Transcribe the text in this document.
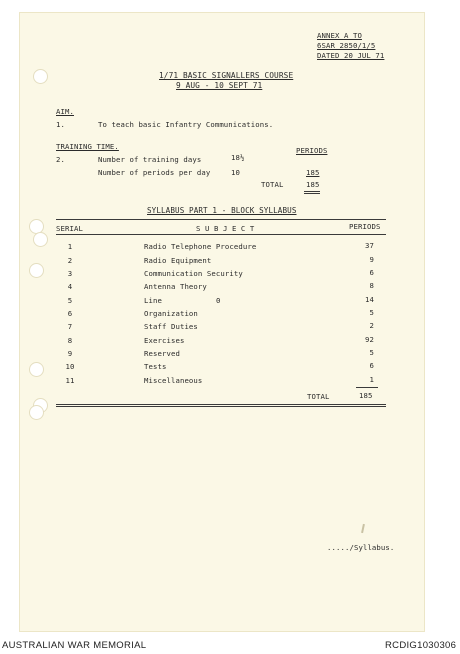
ANNEX A TO
6SAR 2850/1/5
DATED 20 JUL 71
1/71 BASIC SIGNALLERS COURSE
9 AUG - 10 SEPT 71
AIM.
1.	To teach basic Infantry Communications.
TRAINING TIME.	PERIODS
2.	Number of training days	18½
Number of periods per day	10	185
TOTAL	185
SYLLABUS PART 1 - BLOCK SYLLABUS
SERIAL	S U B J E C T	PERIODS
1	Radio Telephone Procedure	37
2	Radio Equipment	9
3	Communication Security	6
4	Antenna Theory	8
5	Line	0	14
6	Organization	5
7	Staff Duties	2
8	Exercises	92
9	Reserved	5
10	Tests	6
11	Miscellaneous	1
TOTAL	185
...../Syllabus.
AUSTRALIAN WAR MEMORIAL	RCDIG1030306
